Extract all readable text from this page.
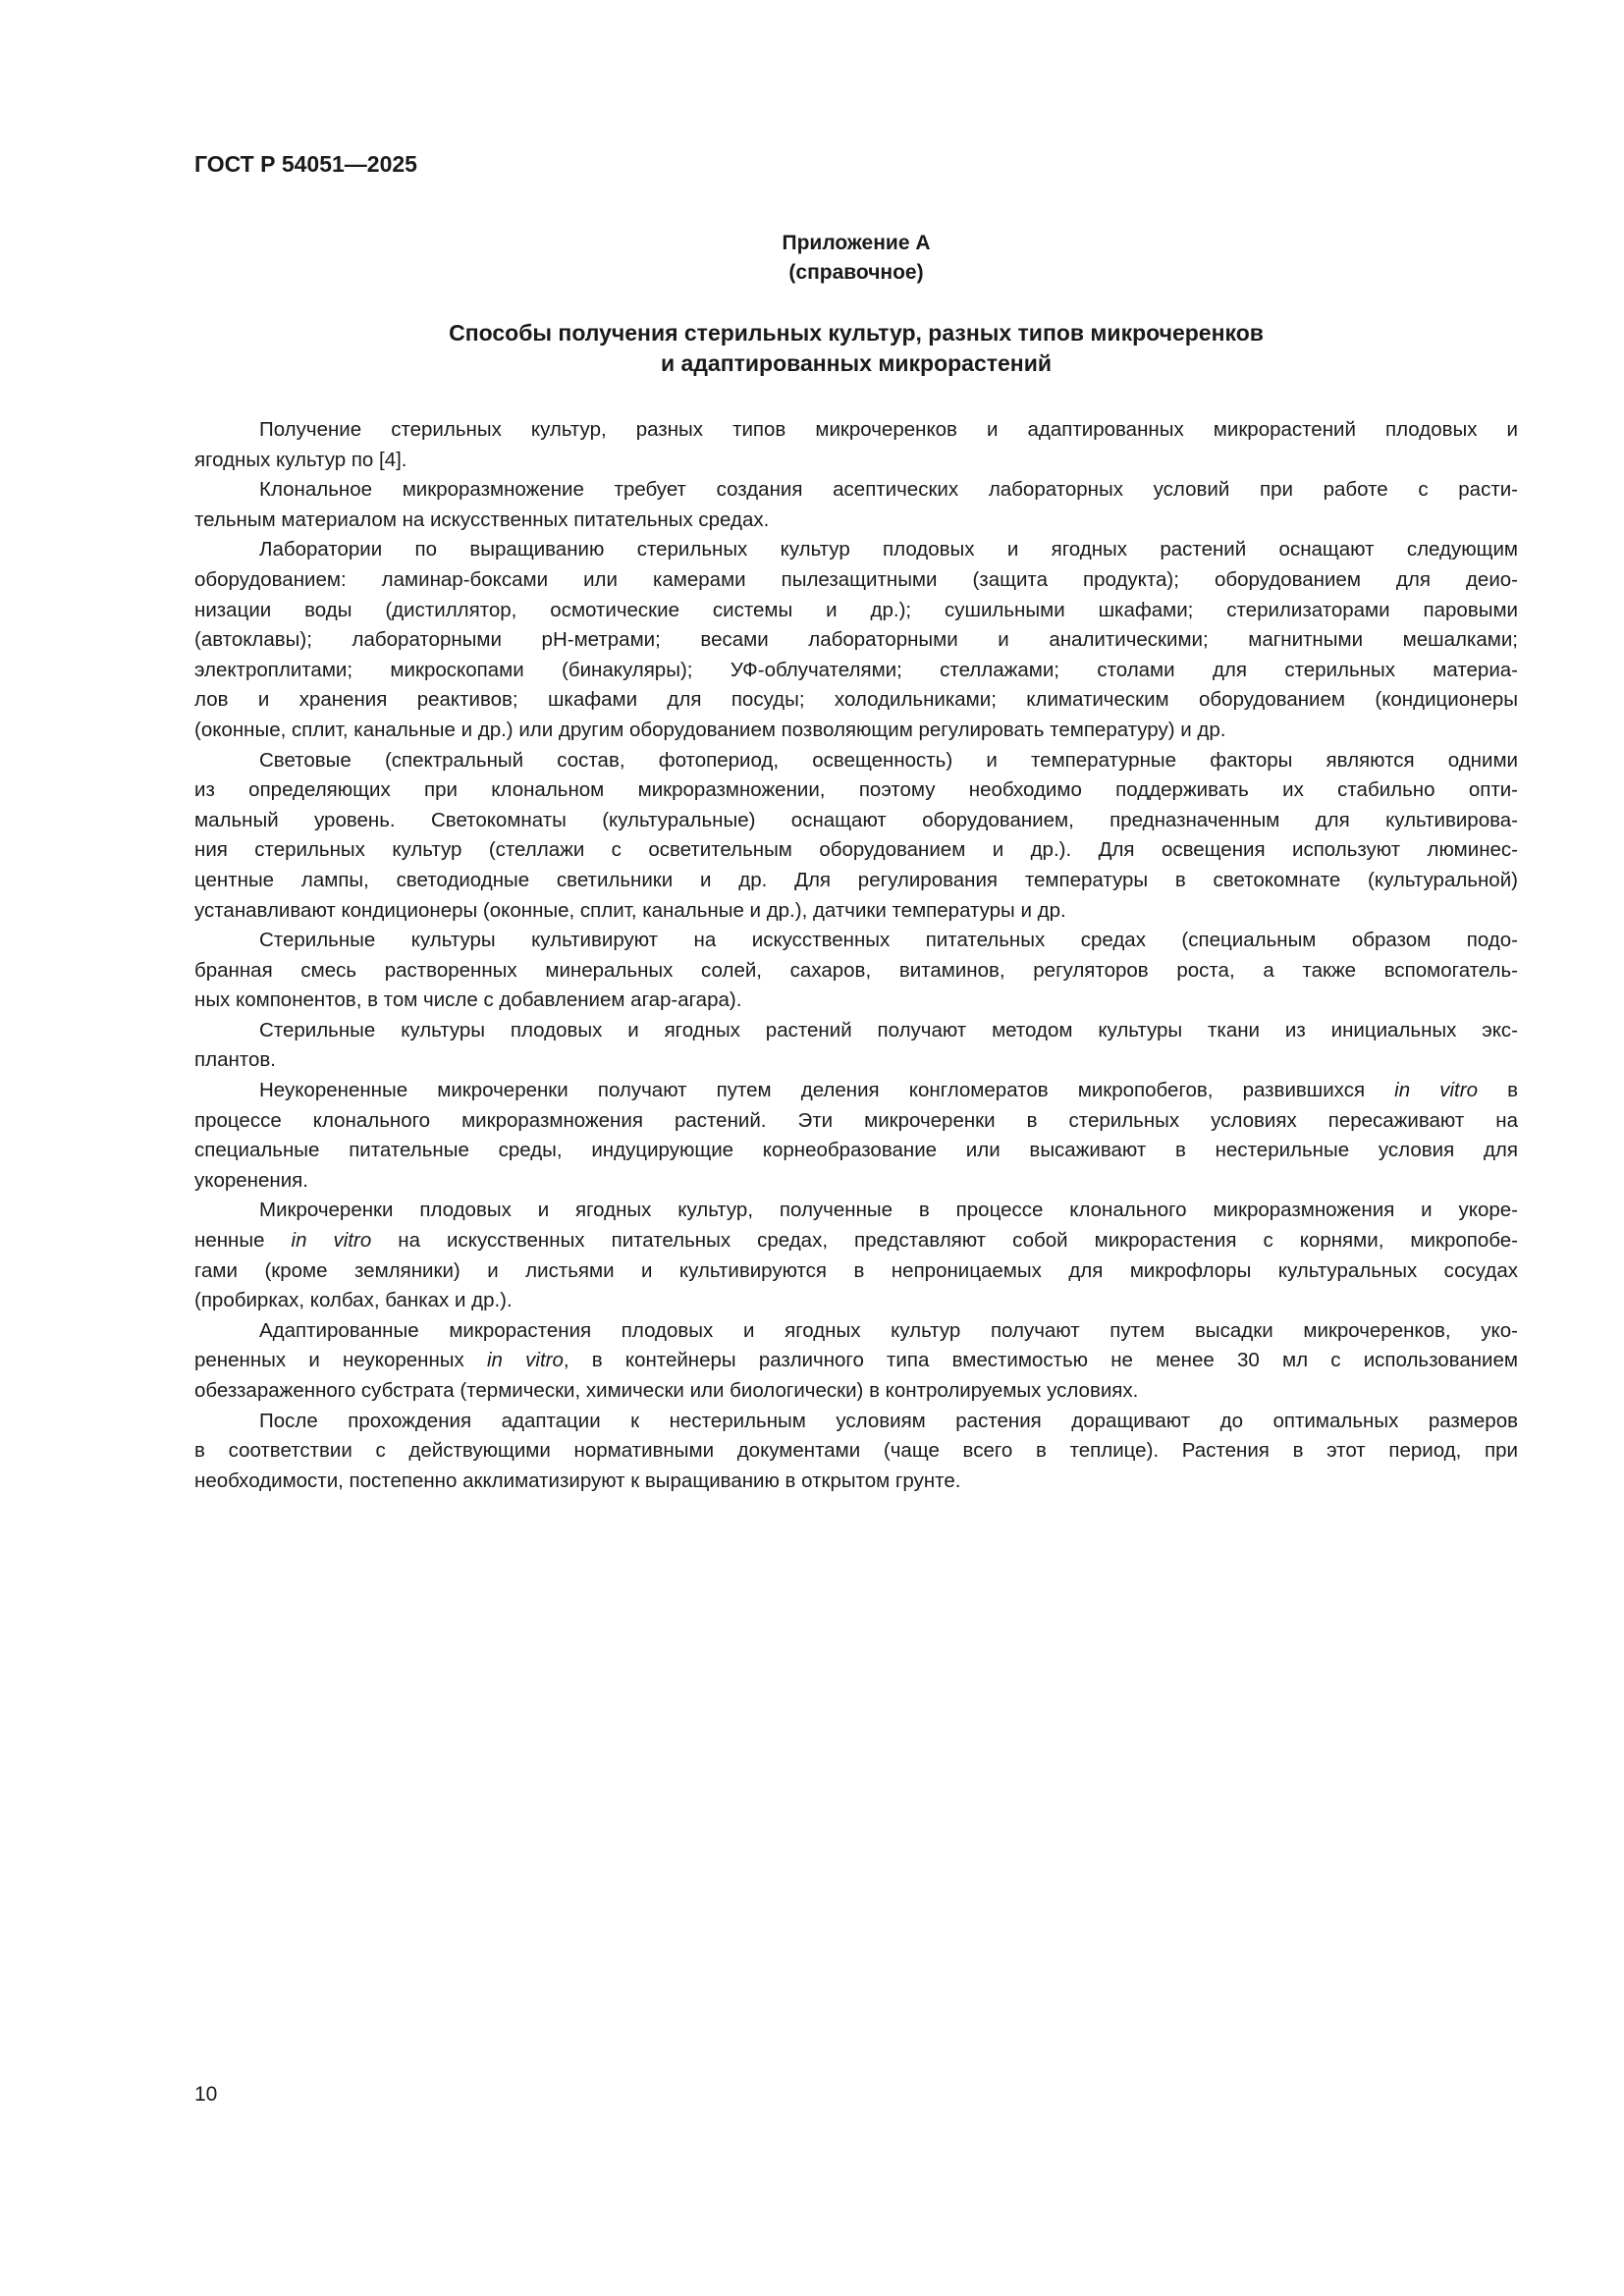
ГОСТ Р 54051—2025
Приложение А
(справочное)
Способы получения стерильных культур, разных типов микрочеренков
и адаптированных микрорастений
Получение стерильных культур, разных типов микрочеренков и адаптированных микрорастений плодовых и
ягодных культур по [4].
Клональное микроразмножение требует создания асептических лабораторных условий при работе с расти-
тельным материалом на искусственных питательных средах.
Лаборатории по выращиванию стерильных культур плодовых и ягодных растений оснащают следующим
оборудованием: ламинар-боксами или камерами пылезащитными (защита продукта); оборудованием для деио-
низации воды (дистиллятор, осмотические системы и др.); сушильными шкафами; стерилизаторами паровыми
(автоклавы); лабораторными pH-метрами; весами лабораторными и аналитическими; магнитными мешалками;
электроплитами; микроскопами (бинакуляры); УФ-облучателями; стеллажами; столами для стерильных материа-
лов и хранения реактивов; шкафами для посуды; холодильниками; климатическим оборудованием (кондиционеры
(оконные, сплит, канальные и др.) или другим оборудованием позволяющим регулировать температуру) и др.
Световые (спектральный состав, фотопериод, освещенность) и температурные факторы являются одними
из определяющих при клональном микроразмножении, поэтому необходимо поддерживать их стабильно опти-
мальный уровень. Светокомнаты (культуральные) оснащают оборудованием, предназначенным для культивирова-
ния стерильных культур (стеллажи с осветительным оборудованием и др.). Для освещения используют люминес-
центные лампы, светодиодные светильники и др. Для регулирования температуры в светокомнате (культуральной)
устанавливают кондиционеры (оконные, сплит, канальные и др.), датчики температуры и др.
Стерильные культуры культивируют на искусственных питательных средах (специальным образом подо-
бранная смесь растворенных минеральных солей, сахаров, витаминов, регуляторов роста, а также вспомогатель-
ных компонентов, в том числе с добавлением агар-агара).
Стерильные культуры плодовых и ягодных растений получают методом культуры ткани из инициальных экс-
плантов.
Неукорененные микрочеренки получают путем деления конгломератов микропобегов, развившихся in vitro в
процессе клонального микроразмножения растений. Эти микрочеренки в стерильных условиях пересаживают на
специальные питательные среды, индуцирующие корнеобразование или высаживают в нестерильные условия для
укоренения.
Микрочеренки плодовых и ягодных культур, полученные в процессе клонального микроразмножения и укоре-
ненные in vitro на искусственных питательных средах, представляют собой микрорастения с корнями, микропобе-
гами (кроме земляники) и листьями и культивируются в непроницаемых для микрофлоры культуральных сосудах
(пробирках, колбах, банках и др.).
Адаптированные микрорастения плодовых и ягодных культур получают путем высадки микрочеренков, уко-
рененных и неукоренных in vitro, в контейнеры различного типа вместимостью не менее 30 мл с использованием
обеззараженного субстрата (термически, химически или биологически) в контролируемых условиях.
После прохождения адаптации к нестерильным условиям растения доращивают до оптимальных размеров
в соответствии с действующими нормативными документами (чаще всего в теплице). Растения в этот период, при
необходимости, постепенно акклиматизируют к выращиванию в открытом грунте.
10
